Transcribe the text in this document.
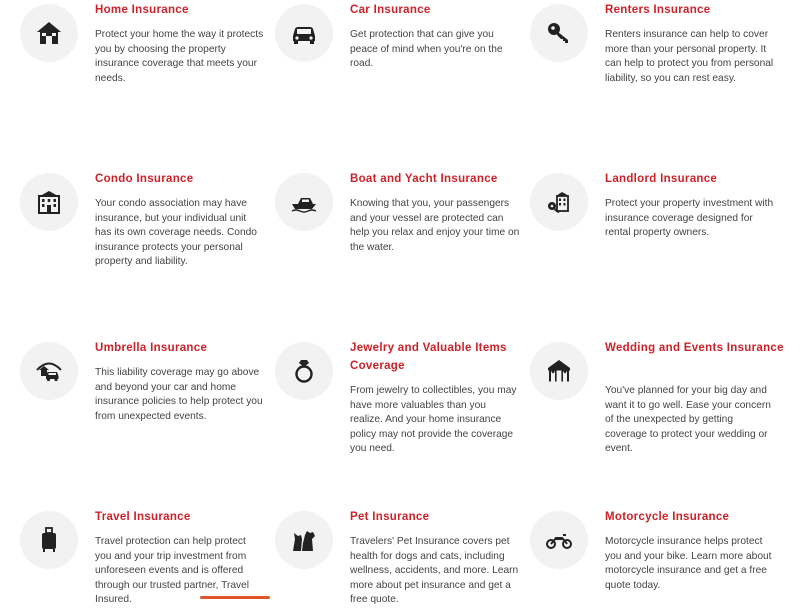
Home Insurance
Protect your home the way it protects you by choosing the property insurance coverage that meets your needs.
Car Insurance
Get protection that can give you peace of mind when you're on the road.
Renters Insurance
Renters insurance can help to cover more than your personal property. It can help to protect you from personal liability, so you can rest easy.
Condo Insurance
Your condo association may have insurance, but your individual unit has its own coverage needs. Condo insurance protects your personal property and liability.
Boat and Yacht Insurance
Knowing that you, your passengers and your vessel are protected can help you relax and enjoy your time on the water.
Landlord Insurance
Protect your property investment with insurance coverage designed for rental property owners.
Umbrella Insurance
This liability coverage may go above and beyond your car and home insurance policies to help protect you from unexpected events.
Jewelry and Valuable Items Coverage
From jewelry to collectibles, you may have more valuables than you realize. And your home insurance policy may not provide the coverage you need.
Wedding and Events Insurance
You've planned for your big day and want it to go well. Ease your concern of the unexpected by getting coverage to protect your wedding or event.
Travel Insurance
Travel protection can help protect you and your trip investment from unforeseen events and is offered through our trusted partner, Travel Insured.
Pet Insurance
Travelers' Pet Insurance covers pet health for dogs and cats, including wellness, accidents, and more. Learn more about pet insurance and get a free quote.
Motorcycle Insurance
Motorcycle insurance helps protect you and your bike. Learn more about motorcycle insurance and get a free quote today.
